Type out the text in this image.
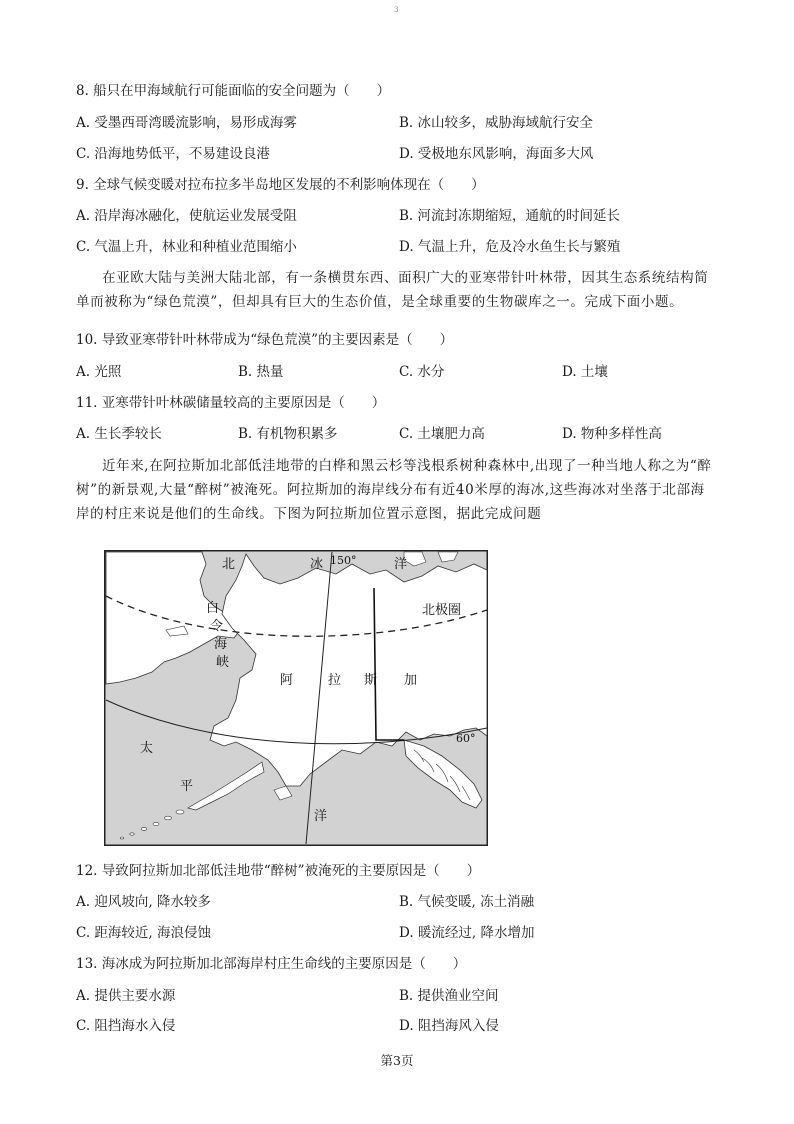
3
8. 船只在甲海域航行可能面临的安全问题为（　　）
A. 受墨西哥湾暖流影响，易形成海雾	B. 冰山较多，威胁海域航行安全
C. 沿海地势低平，不易建设良港	D. 受极地东风影响，海面多大风
9. 全球气候变暖对拉布拉多半岛地区发展的不利影响体现在（　　）
A. 沿岸海冰融化，使航运业发展受阻	B. 河流封冻期缩短，通航的时间延长
C. 气温上升，林业和种植业范围缩小	D. 气温上升，危及冷水鱼生长与繁殖
在亚欧大陆与美洲大陆北部，有一条横贯东西、面积广大的亚寒带针叶林带，因其生态系统结构简单而被称为“绿色荒漠”，但却具有巨大的生态价值，是全球重要的生物碳库之一。完成下面小题。
10. 导致亚寒带针叶林带成为“绿色荒漠”的主要因素是（　　）
A. 光照	B. 热量	C. 水分	D. 土壤
11. 亚寒带针叶林碳储量较高的主要原因是（　　）
A. 生长季较长	B. 有机物积累多	C. 土壤肥力高	D. 物种多样性高
近年来,在阿拉斯加北部低洼地带的白桦和黑云杉等浅根系树种森林中,出现了一种当地人称之为“醉树”的新景观,大量“醉树”被淹死。阿拉斯加的海岸线分布有近40米厚的海冰,这些海冰对坐落于北部海岸的村庄来说是他们的生命线。下图为阿拉斯加位置示意图，据此完成问题
北	冰 150°	洋
白
令
海
峡
北极圈
阿	拉 斯 加
60°
太
平
洋
12. 导致阿拉斯加北部低洼地带“醉树”被淹死的主要原因是（　　）
A. 迎风坡向, 降水较多	B. 气候变暖, 冻土消融
C. 距海较近, 海浪侵蚀	D. 暖流经过, 降水增加
13. 海冰成为阿拉斯加北部海岸村庄生命线的主要原因是（　　）
A. 提供主要水源	B. 提供渔业空间
C. 阻挡海水入侵	D. 阻挡海风入侵
第3页
